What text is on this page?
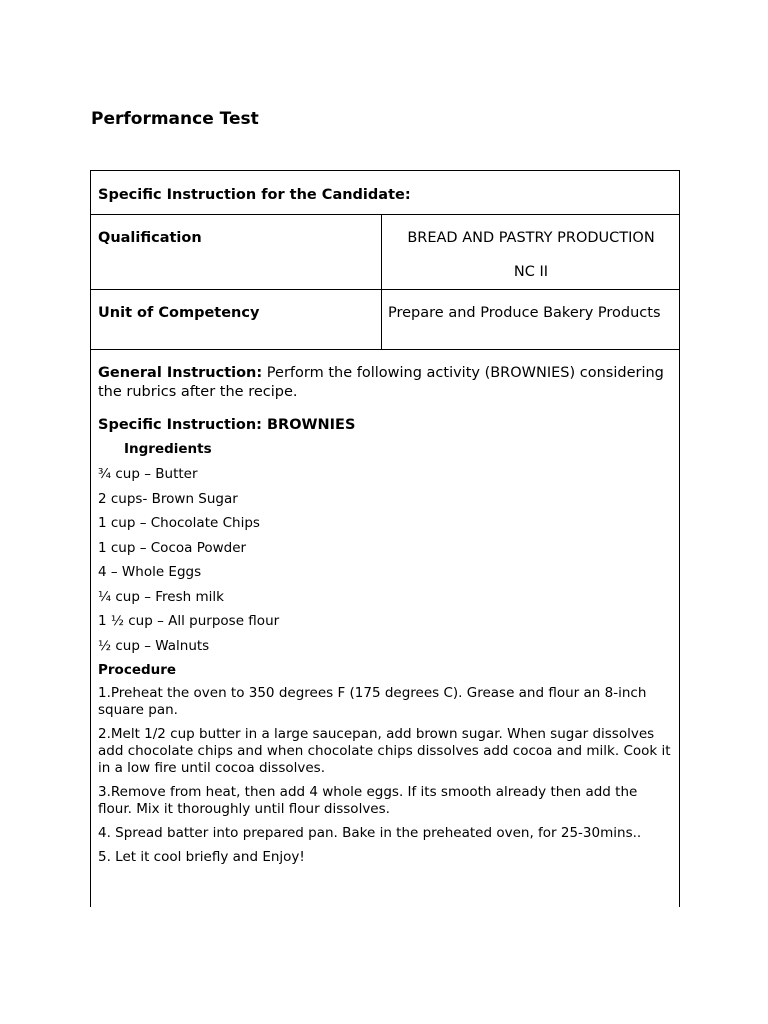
Performance Test
Specific Instruction for the Candidate:
Qualification	BREAD AND PASTRY PRODUCTION
NC II
Unit of Competency	Prepare and Produce Bakery Products

General Instruction: Perform the following activity (BROWNIES) considering the rubrics after the recipe.

Specific Instruction: BROWNIES

Ingredients

¾ cup – Butter
2 cups- Brown Sugar
1 cup – Chocolate Chips
1 cup – Cocoa Powder
4 – Whole Eggs
¼ cup – Fresh milk
1 ½ cup – All purpose flour
½ cup – Walnuts

Procedure

1.Preheat the oven to 350 degrees F (175 degrees C). Grease and flour an 8-inch square pan.
2.Melt 1/2 cup butter in a large saucepan, add brown sugar. When sugar dissolves add chocolate chips and when chocolate chips dissolves add cocoa and milk. Cook it in a low fire until cocoa dissolves.
3.Remove from heat, then add 4 whole eggs. If its smooth already then add the flour. Mix it thoroughly until flour dissolves.
4. Spread batter into prepared pan. Bake in the preheated oven, for 25-30mins..
5. Let it cool briefly and Enjoy!
